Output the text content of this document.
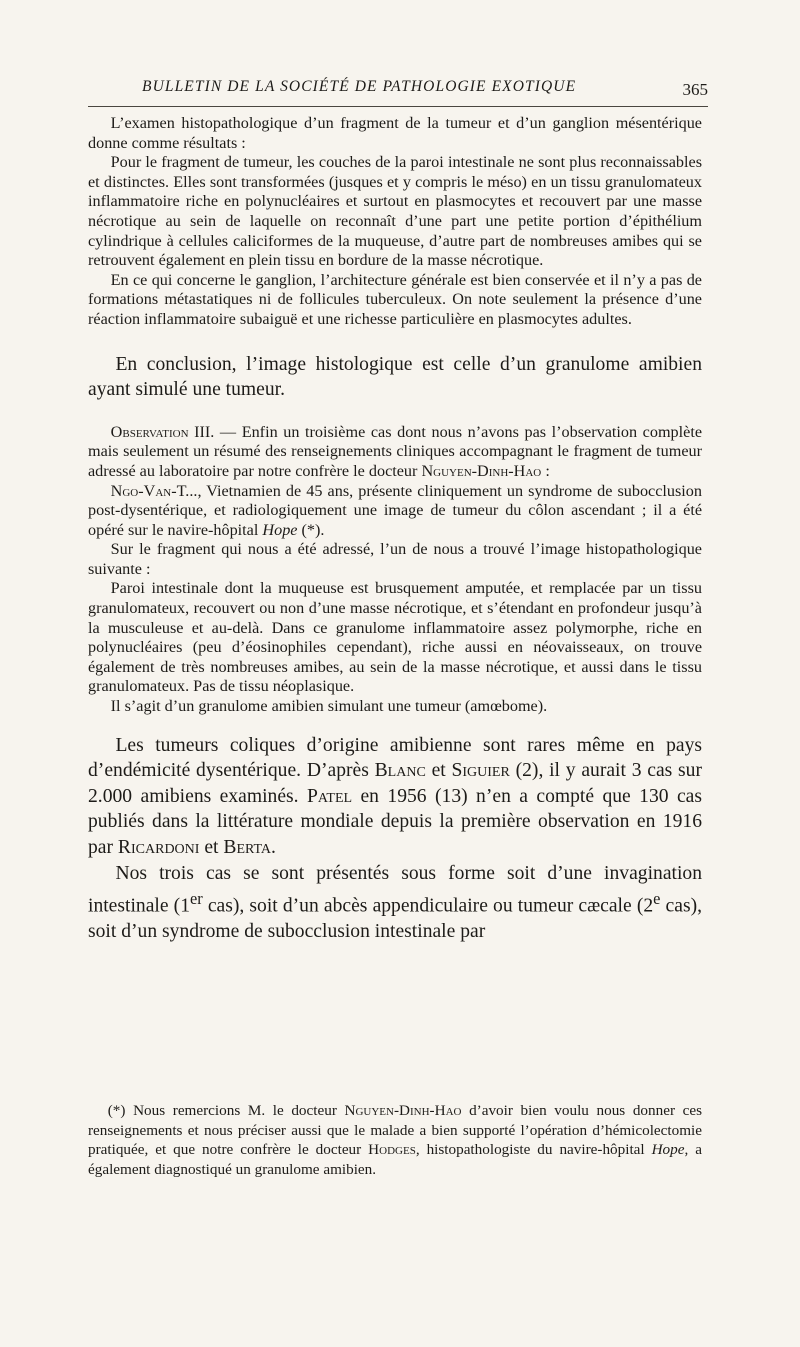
BULLETIN DE LA SOCIÉTÉ DE PATHOLOGIE EXOTIQUE	365

L’examen histopathologique d’un fragment de la tumeur et d’un ganglion mésentérique donne comme résultats :

Pour le fragment de tumeur, les couches de la paroi intestinale ne sont plus reconnaissables et distinctes. Elles sont transformées (jusques et y compris le méso) en un tissu granulomateux inflammatoire riche en polynucléaires et surtout en plasmocytes et recouvert par une masse nécrotique au sein de laquelle on reconnaît d’une part une petite portion d’épithélium cylindrique à cellules caliciformes de la muqueuse, d’autre part de nombreuses amibes qui se retrouvent également en plein tissu en bordure de la masse nécrotique.

En ce qui concerne le ganglion, l’architecture générale est bien conservée et il n’y a pas de formations métastatiques ni de follicules tuberculeux. On note seulement la présence d’une réaction inflammatoire subaiguë et une richesse particulière en plasmocytes adultes.

En conclusion, l’image histologique est celle d’un granulome amibien ayant simulé une tumeur.

Observation III. — Enfin un troisième cas dont nous n’avons pas l’observation complète mais seulement un résumé des renseignements cliniques accompagnant le fragment de tumeur adressé au laboratoire par notre confrère le docteur Nguyen-Dinh-Hao :

Ngo-Van-T..., Vietnamien de 45 ans, présente cliniquement un syndrome de subocclusion post-dysentérique, et radiologiquement une image de tumeur du côlon ascendant ; il a été opéré sur le navire-hôpital Hope (*).

Sur le fragment qui nous a été adressé, l’un de nous a trouvé l’image histopathologique suivante :

Paroi intestinale dont la muqueuse est brusquement amputée, et remplacée par un tissu granulomateux, recouvert ou non d’une masse nécrotique, et s’étendant en profondeur jusqu’à la musculeuse et au-delà. Dans ce granulome inflammatoire assez polymorphe, riche en polynucléaires (peu d’éosinophiles cependant), riche aussi en néovaisseaux, on trouve également de très nombreuses amibes, au sein de la masse nécrotique, et aussi dans le tissu granulomateux. Pas de tissu néoplasique.

Il s’agit d’un granulome amibien simulant une tumeur (amœbome).

Les tumeurs coliques d’origine amibienne sont rares même en pays d’endémicité dysentérique. D’après Blanc et Siguier (2), il y aurait 3 cas sur 2.000 amibiens examinés. Patel en 1956 (13) n’en a compté que 130 cas publiés dans la littérature mondiale depuis la première observation en 1916 par Ricardoni et Berta.

Nos trois cas se sont présentés sous forme soit d’une invagination intestinale (1er cas), soit d’un abcès appendiculaire ou tumeur cæcale (2e cas), soit d’un syndrome de subocclusion intestinale par

(*) Nous remercions M. le docteur Nguyen-Dinh-Hao d’avoir bien voulu nous donner ces renseignements et nous préciser aussi que le malade a bien supporté l’opération d’hémicolectomie pratiquée, et que notre confrère le docteur Hodges, histopathologiste du navire-hôpital Hope, a également diagnostiqué un granulome amibien.
